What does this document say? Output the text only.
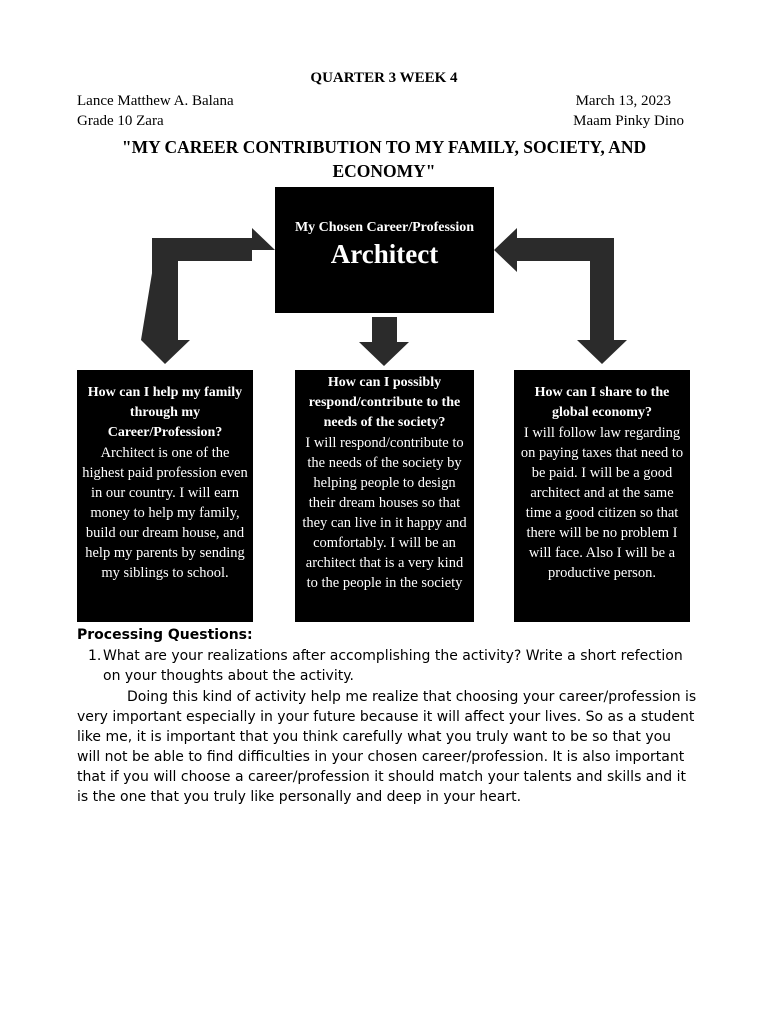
QUARTER 3 WEEK 4
Lance Matthew A. Balana	March 13, 2023
Grade 10 Zara	Maam Pinky Dino
"MY CAREER CONTRIBUTION TO MY FAMILY, SOCIETY, AND ECONOMY"
My Chosen Career/Profession
Architect
How can I help my family through my Career/Profession?
Architect is one of the highest paid profession even in our country. I will earn money to help my family, build our dream house, and help my parents by sending my siblings to school.
How can I possibly respond/contribute to the needs of the society?
I will respond/contribute to the needs of the society by helping people to design their dream houses so that they can live in it happy and comfortably. I will be an architect that is a very kind to the people in the society
How can I share to the global economy?
I will follow law regarding on paying taxes that need to be paid. I will be a good architect and at the same time a good citizen so that there will be no problem I will face. Also I will be a productive person.
Processing Questions:
1. What are your realizations after accomplishing the activity? Write a short refection on your thoughts about the activity.
Doing this kind of activity help me realize that choosing your career/profession is very important especially in your future because it will affect your lives. So as a student like me, it is important that you think carefully what you truly want to be so that you will not be able to find difficulties in your chosen career/profession. It is also important that if you will choose a career/profession it should match your talents and skills and it is the one that you truly like personally and deep in your heart.
